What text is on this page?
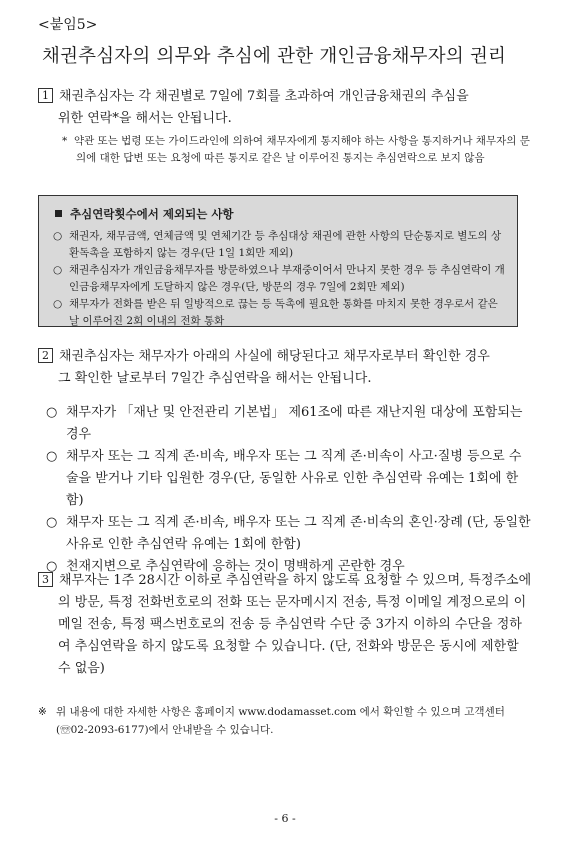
<붙임5>
채권추심자의 의무와 추심에 관한 개인금융채무자의 권리
1 채권추심자는 각 채권별로 7일에 7회를 초과하여 개인금융채권의 추심을
위한 연락*을 해서는 안됩니다.
* 약관 또는 법령 또는 가이드라인에 의하여 채무자에게 통지해야 하는 사항을 통지하거나 채무자의 문의에 대한 답변 또는 요청에 따른 통지로 같은 날 이루어진 통지는 추심연락으로 보지 않음
추심연락횟수에서 제외되는 사항
○ 채권자, 채무금액, 연체금액 및 연체기간 등 추심대상 채권에 관한 사항의 단순통지로 별도의 상환독촉을 포함하지 않는 경우(단 1일 1회만 제외)
○ 채권추심자가 개인금융채무자를 방문하였으나 부재중이어서 만나지 못한 경우 등 추심연락이 개인금융채무자에게 도달하지 않은 경우(단, 방문의 경우 7일에 2회만 제외)
○ 채무자가 전화를 받은 뒤 일방적으로 끊는 등 독촉에 필요한 통화를 마치지 못한 경우로서 같은 날 이루어진 2회 이내의 전화 통화
2 채권추심자는 채무자가 아래의 사실에 해당된다고 채무자로부터 확인한 경우
그 확인한 날로부터 7일간 추심연락을 해서는 안됩니다.
○ 채무자가 「재난 및 안전관리 기본법」 제61조에 따른 재난지원 대상에 포함되는 경우
○ 채무자 또는 그 직계 존·비속, 배우자 또는 그 직계 존·비속이 사고·질병 등으로 수술을 받거나 기타 입원한 경우(단, 동일한 사유로 인한 추심연락 유예는 1회에 한함)
○ 채무자 또는 그 직계 존·비속, 배우자 또는 그 직계 존·비속의 혼인·장례 (단, 동일한 사유로 인한 추심연락 유예는 1회에 한함)
○ 천재지변으로 추심연락에 응하는 것이 명백하게 곤란한 경우
3 채무자는 1주 28시간 이하로 추심연락을 하지 않도록 요청할 수 있으며, 특정주소에의 방문, 특정 전화번호로의 전화 또는 문자메시지 전송, 특정 이메일 계정으로의 이메일 전송, 특정 팩스번호로의 전송 등 추심연락 수단 중 3가지 이하의 수단을 정하여 추심연락을 하지 않도록 요청할 수 있습니다. (단, 전화와 방문은 동시에 제한할 수 없음)
※ 위 내용에 대한 자세한 사항은 홈페이지 www.dodamasset.com 에서 확인할 수 있으며 고객센터(☏02-2093-6177)에서 안내받을 수 있습니다.
- 6 -
